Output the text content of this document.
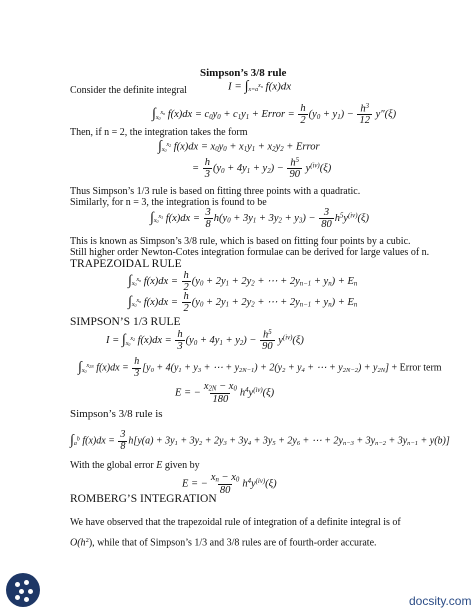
Simpson’s 3/8 rule
Consider the definite integral	$I = \int_{x=a}^{x_n}$ f(x)dx
$\int_{x_0}^{x_n}$ $f(x)dx = c_0y_0 + c_1y_1$ + Error = $\frac{h}{2} (y_0 + y_1) - \frac{h^3}{12} y''(\xi)$
Then, if n = 2, the integration takes the form
$\int_{x_0}^{x_2}$ $f(x)dx = x_0y_0 + x_1y_1 + x_2y_2$ + Error
= $\frac{h}{3} (y_0 + 4y_1 + y_2) - \frac{h^5}{90} y^{(iv)}(\xi)$
Thus Simpson’s 1/3 rule is based on fitting three points with a quadratic.
Similarly, for n = 3, the integration is found to be
$\int_{x_0}^{x_3}$ $f(x)dx = \frac{3}{8} h(y_0 + 3y_1 + 3y_2 + y_3) - \frac{3}{80} h^5y^{(iv)}(\xi)$
This is known as Simpson’s 3/8 rule, which is based on fitting four points by a cubic.
Still higher order Newton-Cotes integration formulae can be derived for large values of n.
TRAPEZOIDAL RULE
$\int_{x_0}^{x_n}$ $f(x)dx = \frac{h}{2} (y_0 + 2y_1 + 2y_2$ + ⋯ + $2y_{n-1} + y_n) + E_n$
$\int_{x_0}^{x_n}$ $f(x)dx = \frac{h}{2} (y_0 + 2y_1 + 2y_2$ + ⋯ + $2y_{n-1} + y_n) + E_n$
SIMPSON’S 1/3 RULE
$I = \int_{x_0}^{x_2}$ $f(x)dx = \frac{h}{3} (y_0 + 4y_1 + y_2) - \frac{h^5}{90} y^{(iv)}(\xi)$
$\int_{x_0}^{x_{2N}}$ $f(x)dx = \frac{h}{3} [y_0 + 4(y_1 + y_3$ + ⋯ + $y_{2N-1}) + 2(y_2 + y_4$ + ⋯ + $y_{2N-2}) + y_{2N}$] + Error term
E = − $\frac{x_{2N} - x_0}{180} h^4y^{(iv)}(\xi)$
Simpson’s 3/8 rule is
$\int_a^b$ $f(x)dx = \frac{3}{8} h[y(a) + 3y_1 + 3y_2 + 2y_3 + 3y_4 + 3y_5 + 2y_6$ + ⋯ + $2y_{n-3} + 3y_{n-2} + 3y_{n-1} + y(b)$]
With the global error E given by
E = − $\frac{x_n - x_0}{80} h^4y^{(iv)}(\xi)$
ROMBERG’S INTEGRATION
We have observed that the trapezoidal rule of integration of a definite integral is of
$O(h^2)$, while that of Simpson’s 1/3 and 3/8 rules are of fourth-order accurate.
docsity.com
